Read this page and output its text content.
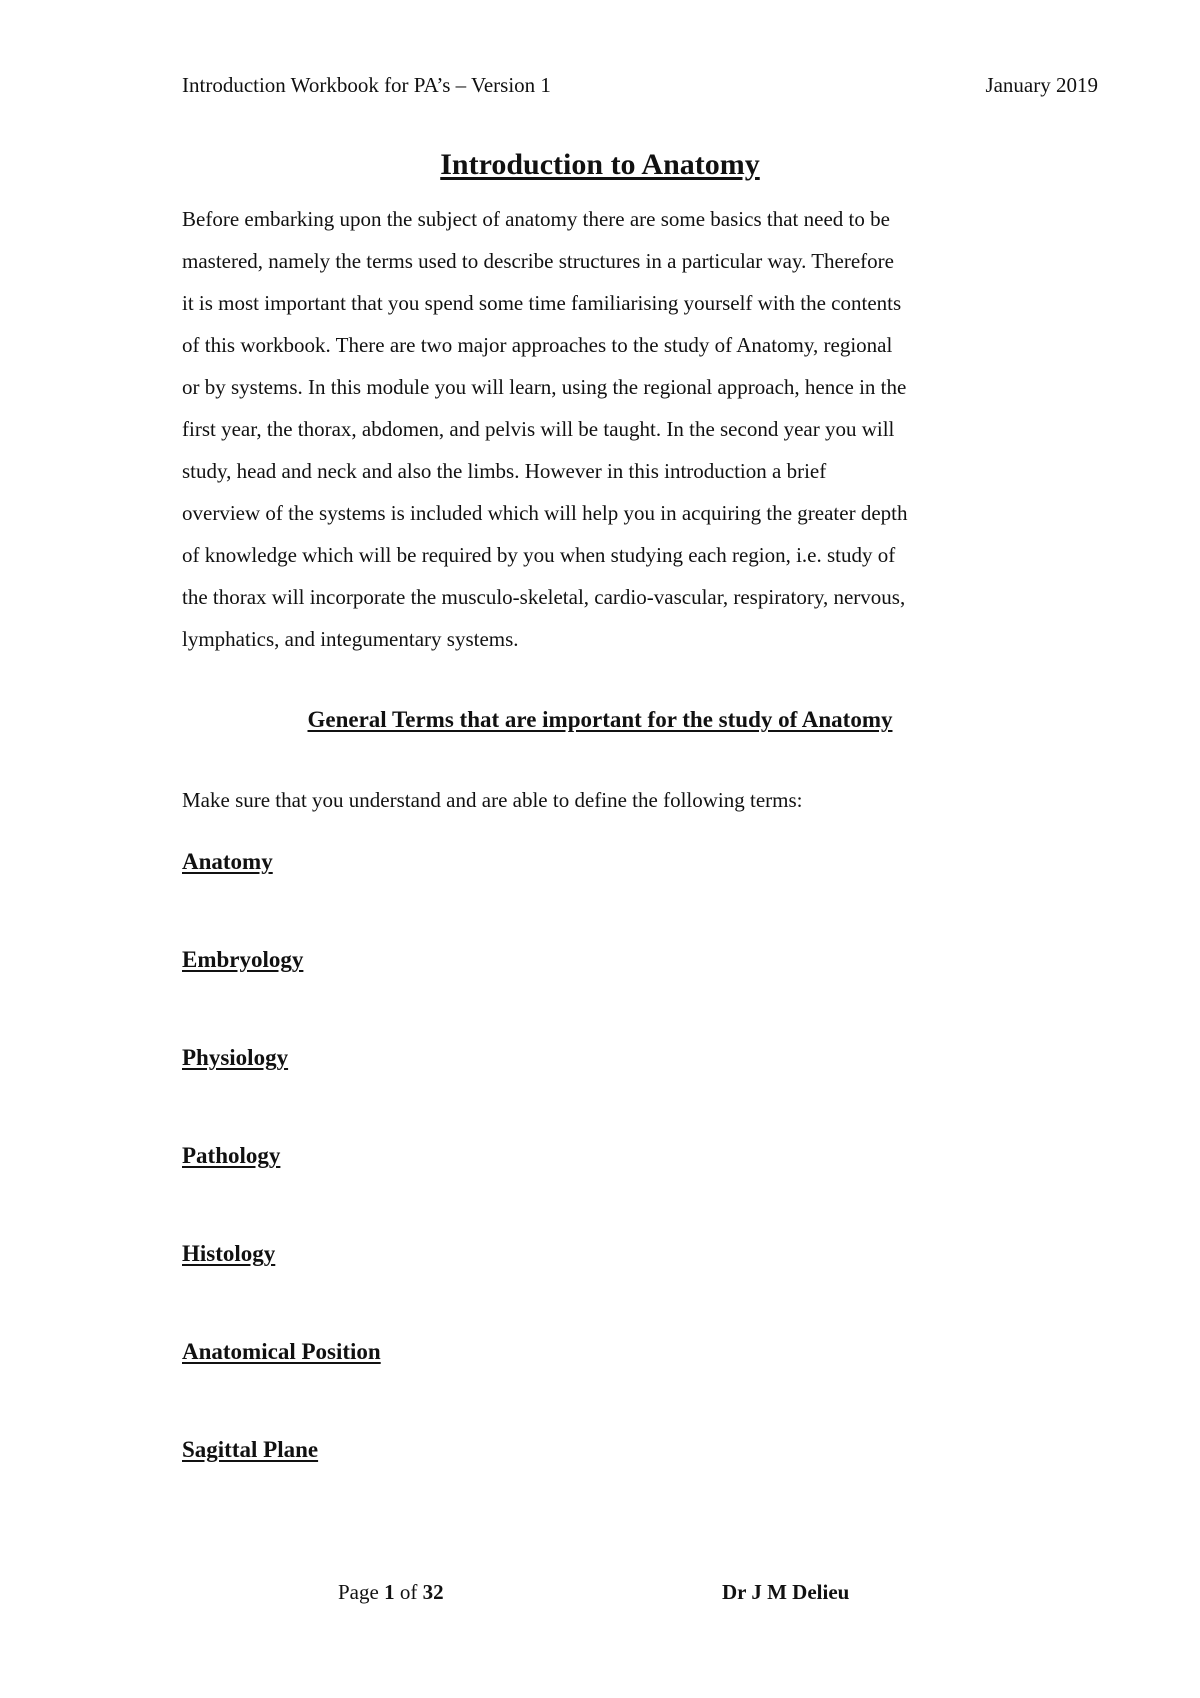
Introduction Workbook for PA’s – Version 1	January 2019
Introduction to Anatomy
Before embarking upon the subject of anatomy there are some basics that need to be
mastered, namely the terms used to describe structures in a particular way. Therefore
it is most important that you spend some time familiarising yourself with the contents
of this workbook. There are two major approaches to the study of Anatomy, regional
or by systems. In this module you will learn, using the regional approach, hence in the
first year, the thorax, abdomen, and pelvis will be taught. In the second year you will
study, head and neck and also the limbs. However in this introduction a brief
overview of the systems is included which will help you in acquiring the greater depth
of knowledge which will be required by you when studying each region, i.e. study of
the thorax will incorporate the musculo-skeletal, cardio-vascular, respiratory, nervous,
lymphatics, and integumentary systems.
General Terms that are important for the study of Anatomy
Make sure that you understand and are able to define the following terms:
Anatomy
Embryology
Physiology
Pathology
Histology
Anatomical Position
Sagittal Plane
Page 1 of 32	Dr J M Delieu
